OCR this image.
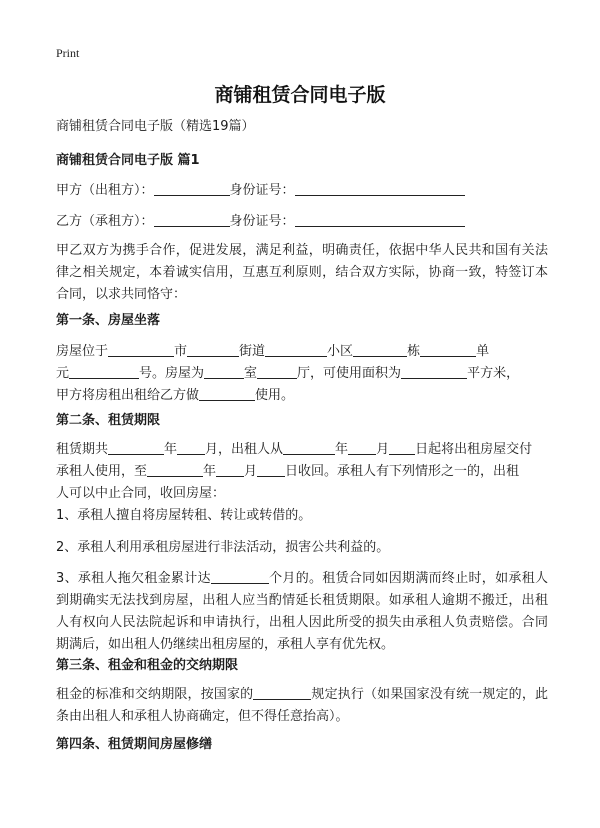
Print
商铺租赁合同电子版
商铺租赁合同电子版（精选19篇）
商铺租赁合同电子版 篇1
甲方（出租方）：	身份证号：
乙方（承租方）：	身份证号：
甲乙双方为携手合作，促进发展，满足利益，明确责任，依据中华人民共和国有关法律之相关规定，本着诚实信用，互惠互利原则，结合双方实际，协商一致，特签订本合同，以求共同恪守：
第一条、房屋坐落
房屋位于	市	街道	小区	栋	单
元	号。房屋为	室	厅，可使用面积为	平方米，
甲方将房租出租给乙方做	使用。
第二条、租赁期限
租赁期共	年 月，出租人从	年 月 日起将出租房屋交付
承租人使用，至	年 月 日收回。承租人有下列情形之一的，出租
人可以中止合同，收回房屋：
1、承租人擅自将房屋转租、转让或转借的。
2、承租人利用承租房屋进行非法活动，损害公共利益的。
3、承租人拖欠租金累计达	个月的。租赁合同如因期满而终止时，如承租人到期确实无法找到房屋，出租人应当酌情延长租赁期限。如承租人逾期不搬迁，出租人有权向人民法院起诉和申请执行，出租人因此所受的损失由承租人负责赔偿。合同期满后，如出租人仍继续出租房屋的，承租人享有优先权。
第三条、租金和租金的交纳期限
租金的标准和交纳期限，按国家的	规定执行（如果国家没有统一规定的，此条由出租人和承租人协商确定，但不得任意抬高）。
第四条、租赁期间房屋修缮
